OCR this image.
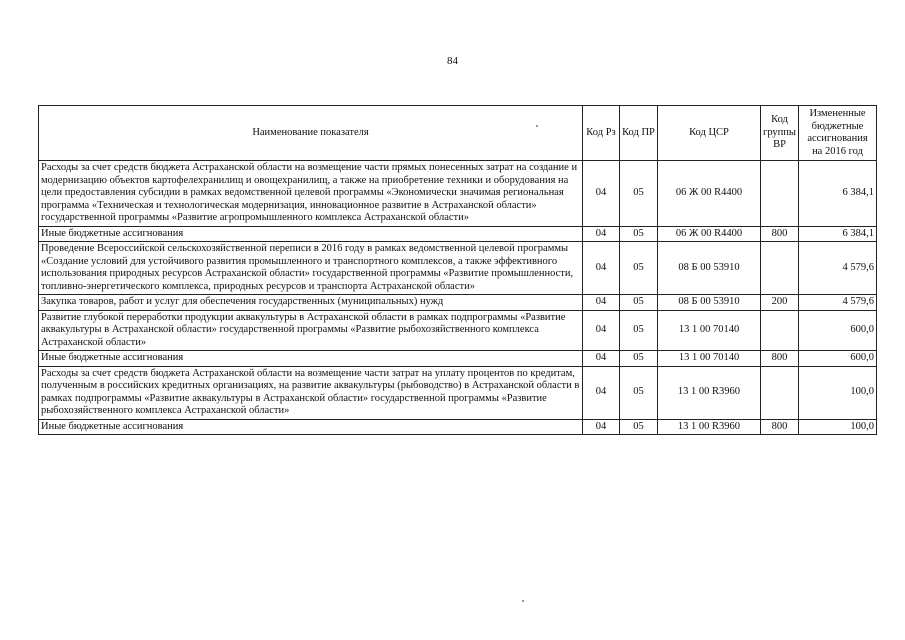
84
Наименование показателя	Код Рз	Код ПР	Код ЦСР	Код группы ВР	Измененные бюджетные ассигнования на 2016 год
Расходы за счет средств бюджета Астраханской области на возмещение части прямых понесенных затрат на создание и модернизацию объектов картофелехранилищ и овощехранилищ, а также на приобретение техники и оборудования на цели предоставления субсидии в рамках ведомственной целевой программы «Экономически значимая региональная программа «Техническая и технологическая модернизация, инновационное развитие в Астраханской области» государственной программы «Развитие агропромышленного комплекса Астраханской области»	04	05	06 Ж 00 R4400		6 384,1
Иные бюджетные ассигнования	04	05	06 Ж 00 R4400	800	6 384,1
Проведение Всероссийской сельскохозяйственной переписи в 2016 году в рамках ведомственной целевой программы «Создание условий для устойчивого развития промышленного и транспортного комплексов, а также эффективного использования природных ресурсов Астраханской области» государственной программы «Развитие промышленности, топливно-энергетического комплекса, природных ресурсов и транспорта Астраханской области»	04	05	08 Б 00 53910		4 579,6
Закупка товаров, работ и услуг для обеспечения государственных (муниципальных) нужд	04	05	08 Б 00 53910	200	4 579,6
Развитие глубокой переработки продукции аквакультуры в Астраханской области в рамках подпрограммы «Развитие аквакультуры в Астраханской области» государственной программы «Развитие рыбохозяйственного комплекса Астраханской области»	04	05	13 1 00 70140		600,0
Иные бюджетные ассигнования	04	05	13 1 00 70140	800	600,0
Расходы за счет средств бюджета Астраханской области на возмещение части затрат на уплату процентов по кредитам, полученным в российских кредитных организациях, на развитие аквакультуры (рыбоводство) в Астраханской области в рамках подпрограммы «Развитие аквакультуры в Астраханской области» государственной программы «Развитие рыбохозяйственного комплекса Астраханской области»	04	05	13 1 00 R3960		100,0
Иные бюджетные ассигнования	04	05	13 1 00 R3960	800	100,0
